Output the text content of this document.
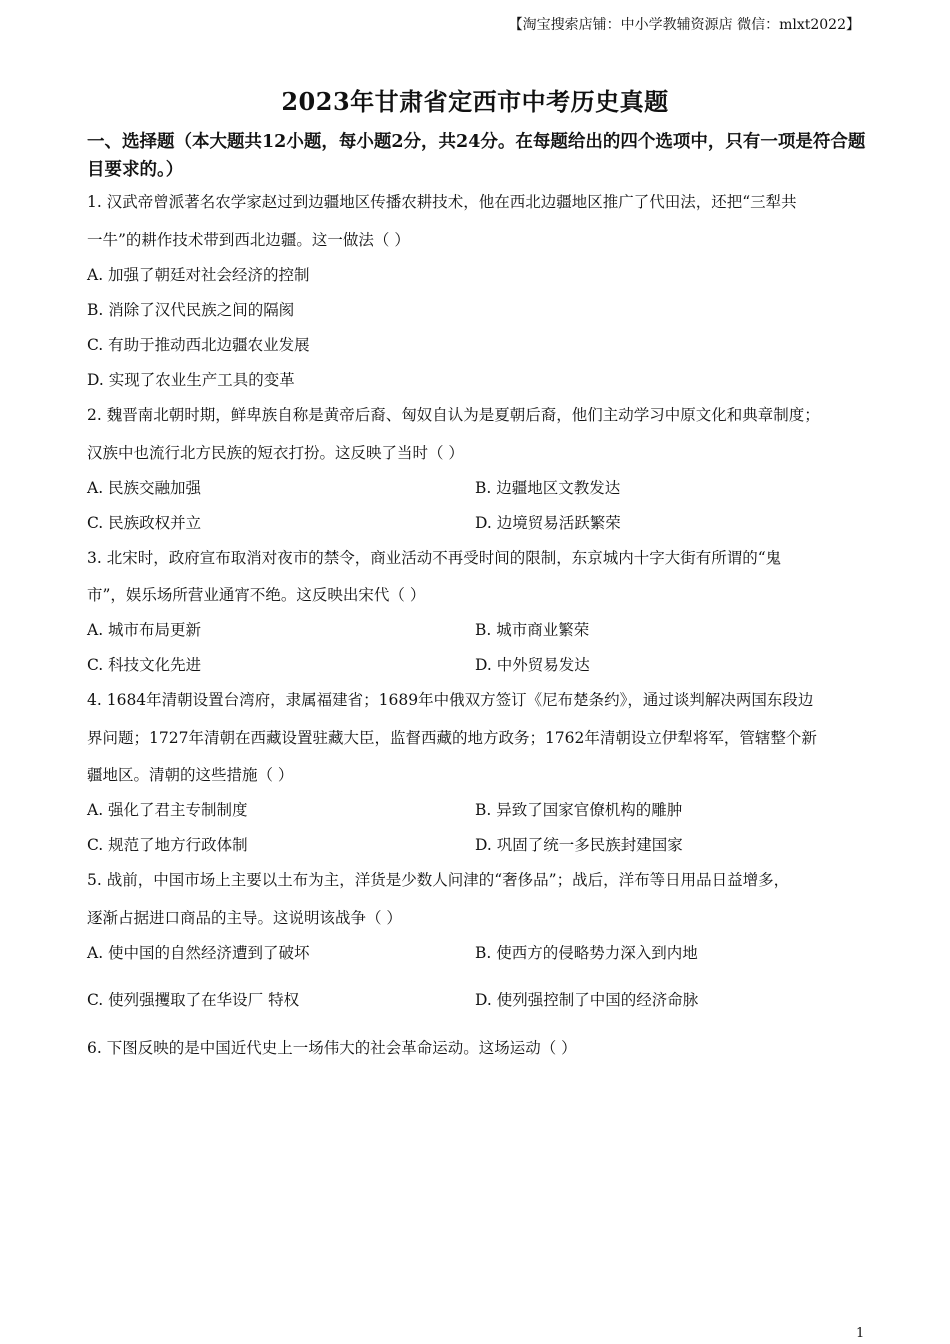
【淘宝搜索店铺：中小学教辅资源店 微信：mlxt2022】
2023年甘肃省定西市中考历史真题
一、选择题（本大题共12小题，每小题2分，共24分。在每题给出的四个选项中，只有一项是符合题目要求的。）
1. 汉武帝曾派著名农学家赵过到边疆地区传播农耕技术，他在西北边疆地区推广了代田法，还把“三犁共
一牛”的耕作技术带到西北边疆。这一做法（ ）
A. 加强了朝廷对社会经济的控制
B. 消除了汉代民族之间的隔阂
C. 有助于推动西北边疆农业发展
D. 实现了农业生产工具的变革
2. 魏晋南北朝时期，鲜卑族自称是黄帝后裔、匈奴自认为是夏朝后裔，他们主动学习中原文化和典章制度；
汉族中也流行北方民族的短衣打扮。这反映了当时（ ）
A. 民族交融加强	B. 边疆地区文教发达
C. 民族政权并立	D. 边境贸易活跃繁荣
3. 北宋时，政府宣布取消对夜市的禁令，商业活动不再受时间的限制，东京城内十字大街有所谓的“鬼
市”，娱乐场所营业通宵不绝。这反映出宋代（ ）
A. 城市布局更新	B. 城市商业繁荣
C. 科技文化先进	D. 中外贸易发达
4. 1684年清朝设置台湾府，隶属福建省；1689年中俄双方签订《尼布楚条约》，通过谈判解决两国东段边
界问题；1727年清朝在西藏设置驻藏大臣，监督西藏的地方政务；1762年清朝设立伊犁将军，管辖整个新
疆地区。清朝的这些措施（ ）
A. 强化了君主专制制度	B. 异致了国家官僚机构的雕肿
C. 规范了地方行政体制	D. 巩固了统一多民族封建国家
5. 战前，中国市场上主要以土布为主，洋货是少数人问津的“奢侈品”；战后，洋布等日用品日益增多，
逐渐占据进口商品的主导。这说明该战争（ ）
A. 使中国的自然经济遭到了破坏	B. 使西方的侵略势力深入到内地
C. 使列强攫取了在华设厂 特权	D. 使列强控制了中国的经济命脉
6. 下图反映的是中国近代史上一场伟大的社会革命运动。这场运动（ ）
1
